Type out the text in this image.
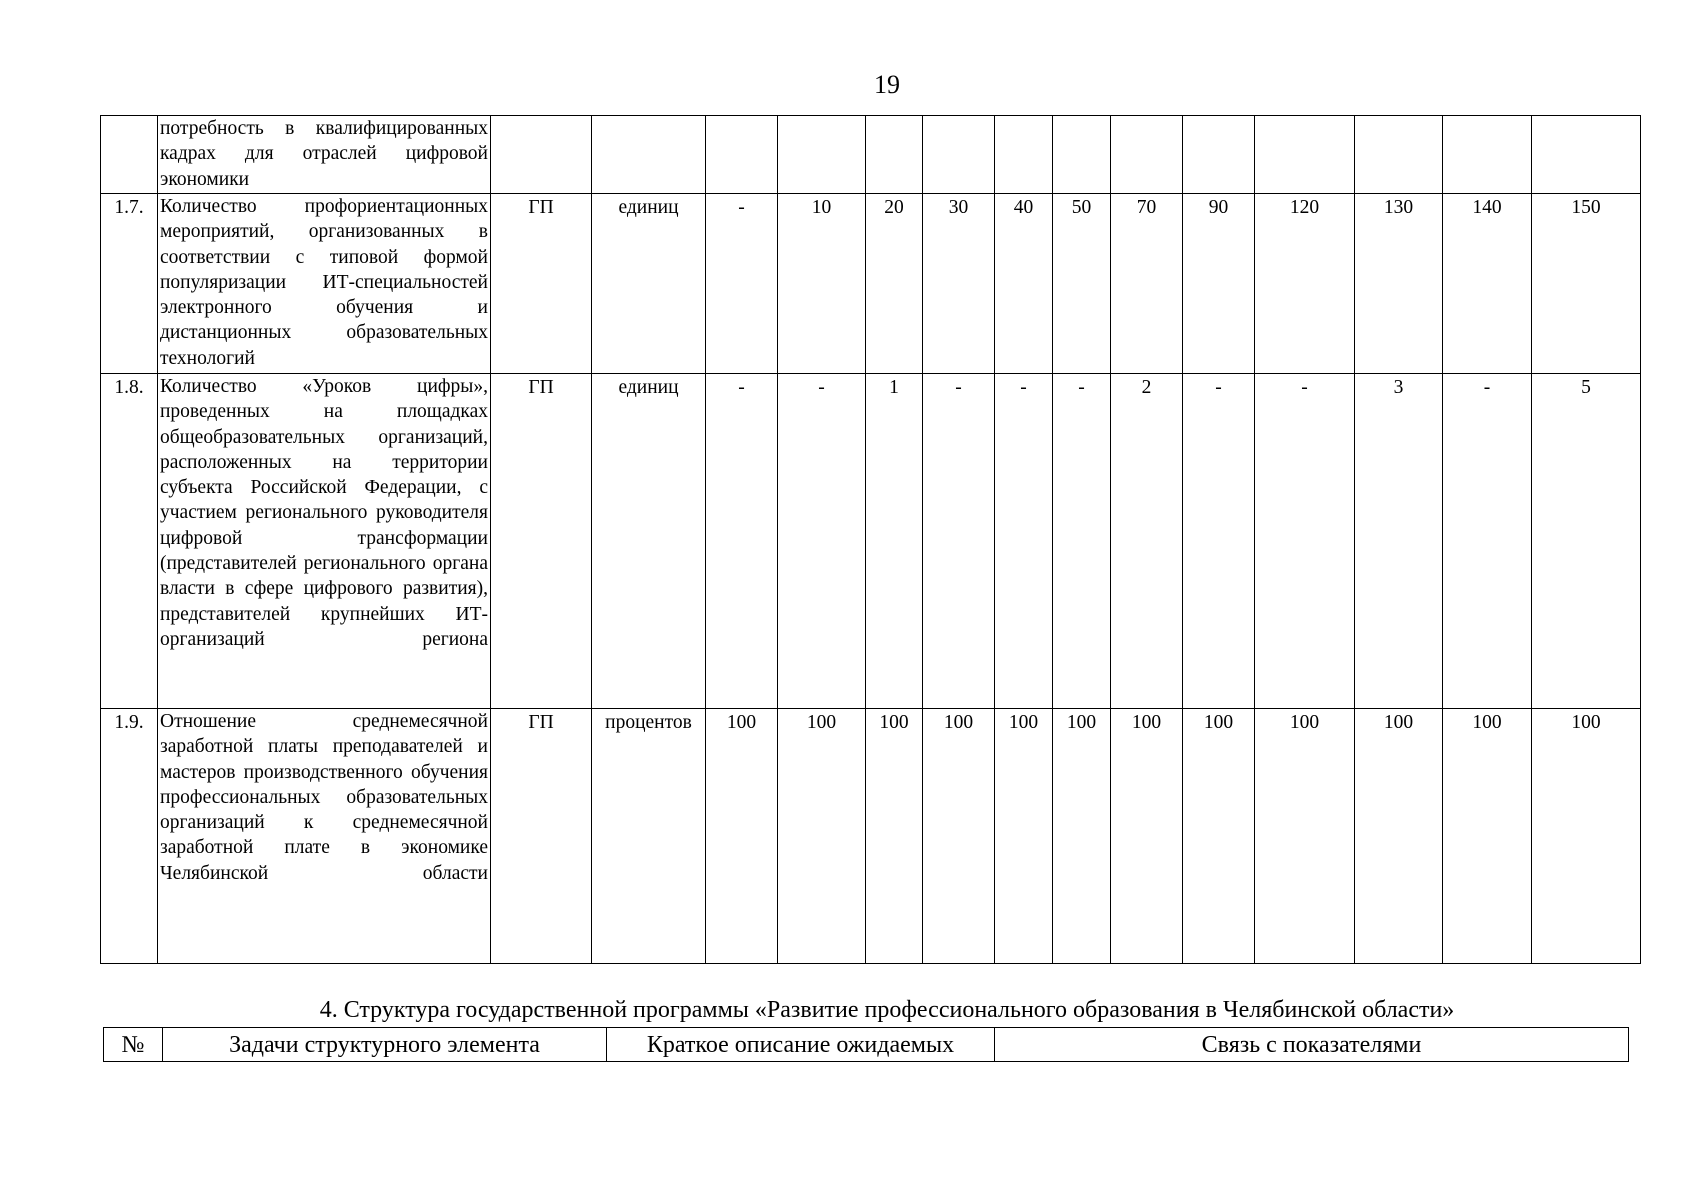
19
	потребность в квалифицированных кадрах для отраслей цифровой экономики														
1.7.	Количество профориентационных мероприятий, организованных в соответствии с типовой формой популяризации ИТ-специальностей электронного обучения и дистанционных образовательных технологий	ГП	единиц	-	10	20	30	40	50	70	90	120	130	140	150
1.8.	Количество «Уроков цифры», проведенных на площадках общеобразовательных организаций, расположенных на территории субъекта Российской Федерации, с участием регионального руководителя цифровой трансформации (представителей регионального органа власти в сфере цифрового развития), представителей крупнейших ИТ-организаций региона	ГП	единиц	-	-	1	-	-	-	2	-	-	3	-	5
1.9.	Отношение среднемесячной заработной платы преподавателей и мастеров производственного обучения профессиональных образовательных организаций к среднемесячной заработной плате в экономике Челябинской области	ГП	процентов	100	100	100	100	100	100	100	100	100	100	100	100
4. Структура государственной программы «Развитие профессионального образования в Челябинской области»
№	Задачи структурного элемента	Краткое описание ожидаемых	Связь с показателями
